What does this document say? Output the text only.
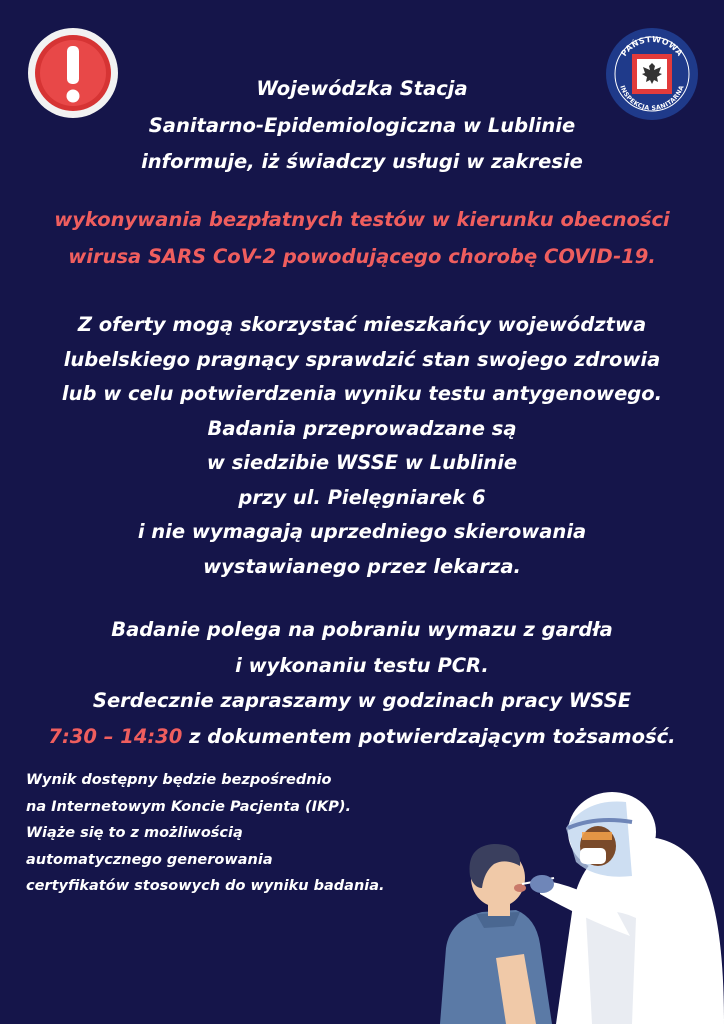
PAŃSTWOWA
INSPEKCJA SANITARNA
Wojewódzka Stacja
Sanitarno-Epidemiologiczna w Lublinie
informuje, iż świadczy usługi w zakresie
wykonywania bezpłatnych testów w kierunku obecności
wirusa SARS CoV-2 powodującego chorobę COVID-19.
Z oferty mogą skorzystać mieszkańcy województwa
lubelskiego pragnący sprawdzić stan swojego zdrowia
lub w celu potwierdzenia wyniku testu antygenowego.
Badania przeprowadzane są
w siedzibie WSSE w Lublinie
przy ul. Pielęgniarek 6
i nie wymagają uprzedniego skierowania
wystawianego przez lekarza.
Badanie polega na pobraniu wymazu z gardła
i wykonaniu testu PCR.
Serdecznie zapraszamy w godzinach pracy WSSE
7:30 – 14:30 z dokumentem potwierdzającym tożsamość.
Wynik dostępny będzie bezpośrednio
na Internetowym Koncie Pacjenta (IKP).
Wiąże się to z możliwością
automatycznego generowania
certyfikatów stosowych do wyniku badania.
